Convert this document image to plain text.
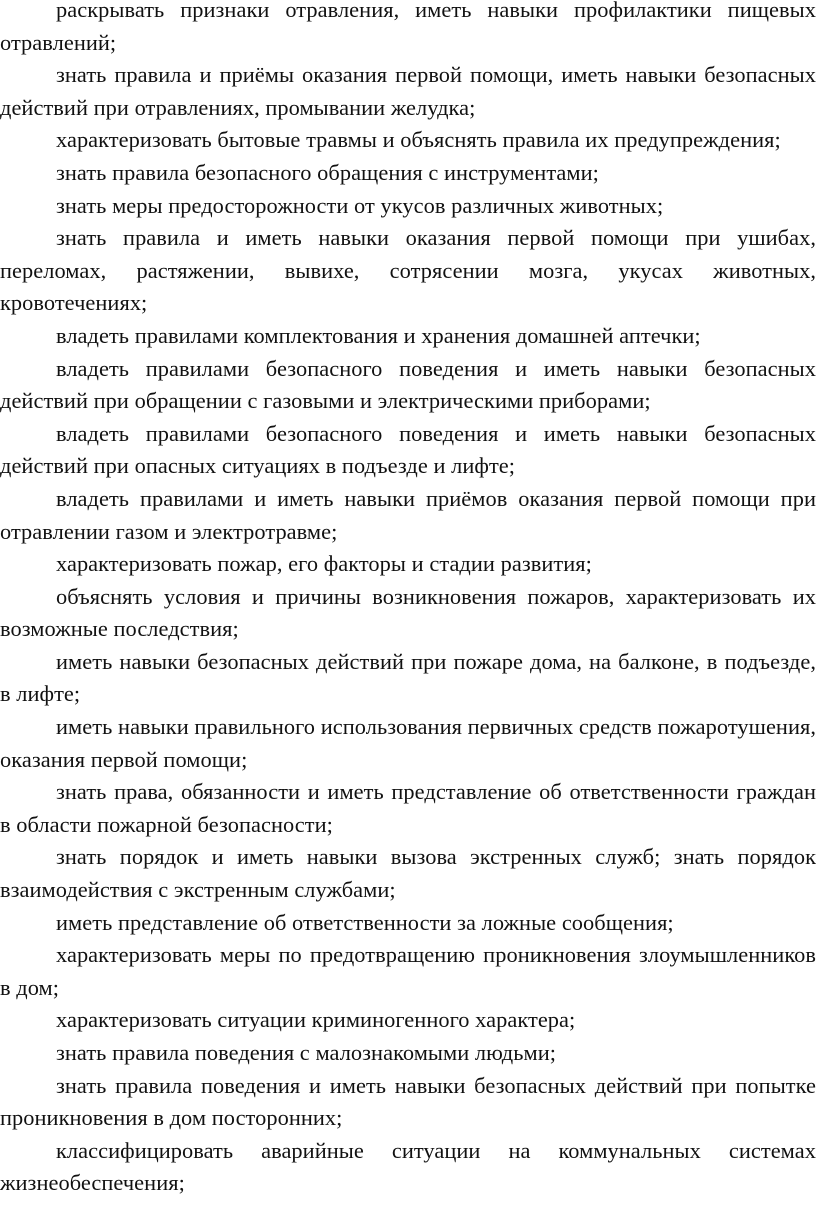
раскрывать признаки отравления, иметь навыки профилактики пищевых отравлений;

знать правила и приёмы оказания первой помощи, иметь навыки безопасных действий при отравлениях, промывании желудка;

характеризовать бытовые травмы и объяснять правила их предупреждения;

знать правила безопасного обращения с инструментами;

знать меры предосторожности от укусов различных животных;

знать правила и иметь навыки оказания первой помощи при ушибах, переломах, растяжении, вывихе, сотрясении мозга, укусах животных, кровотечениях;

владеть правилами комплектования и хранения домашней аптечки;

владеть правилами безопасного поведения и иметь навыки безопасных действий при обращении с газовыми и электрическими приборами;

владеть правилами безопасного поведения и иметь навыки безопасных действий при опасных ситуациях в подъезде и лифте;

владеть правилами и иметь навыки приёмов оказания первой помощи при отравлении газом и электротравме;

характеризовать пожар, его факторы и стадии развития;

объяснять условия и причины возникновения пожаров, характеризовать их возможные последствия;

иметь навыки безопасных действий при пожаре дома, на балконе, в подъезде, в лифте;

иметь навыки правильного использования первичных средств пожаротушения, оказания первой помощи;

знать права, обязанности и иметь представление об ответственности граждан в области пожарной безопасности;

знать порядок и иметь навыки вызова экстренных служб; знать порядок взаимодействия с экстренным службами;

иметь представление об ответственности за ложные сообщения;

характеризовать меры по предотвращению проникновения злоумышленников в дом;

характеризовать ситуации криминогенного характера;

знать правила поведения с малознакомыми людьми;

знать правила поведения и иметь навыки безопасных действий при попытке проникновения в дом посторонних;

классифицировать аварийные ситуации на коммунальных системах жизнеобеспечения;
